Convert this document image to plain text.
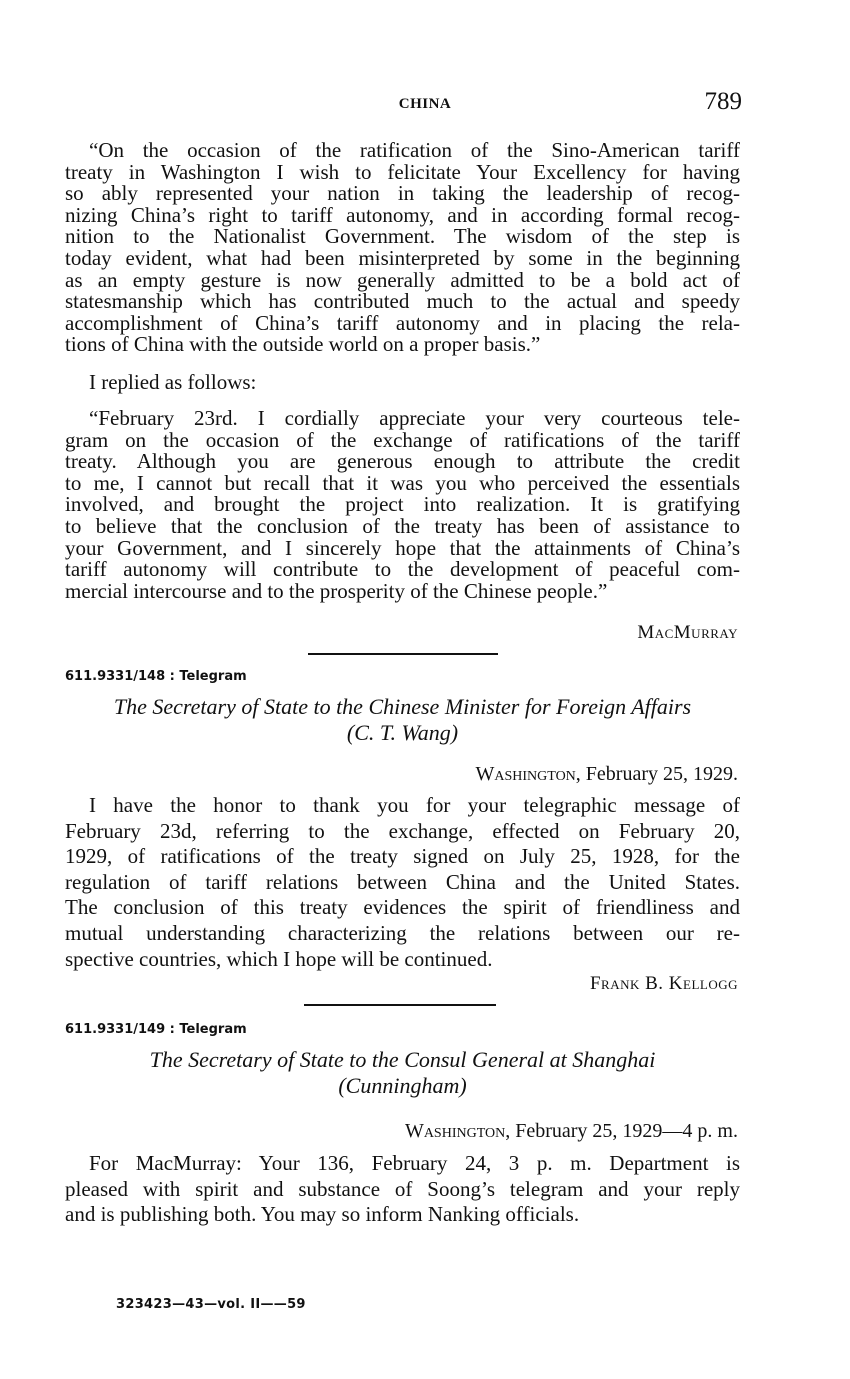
CHINA	789
“On the occasion of the ratification of the Sino-American tariff
treaty in Washington I wish to felicitate Your Excellency for having
so ably represented your nation in taking the leadership of recog-
nizing China’s right to tariff autonomy, and in according formal recog-
nition to the Nationalist Government. The wisdom of the step is
today evident, what had been misinterpreted by some in the beginning
as an empty gesture is now generally admitted to be a bold act of
statesmanship which has contributed much to the actual and speedy
accomplishment of China’s tariff autonomy and in placing the rela-
tions of China with the outside world on a proper basis.”
I replied as follows:
“February 23rd. I cordially appreciate your very courteous tele-
gram on the occasion of the exchange of ratifications of the tariff
treaty. Although you are generous enough to attribute the credit
to me, I cannot but recall that it was you who perceived the essentials
involved, and brought the project into realization. It is gratifying
to believe that the conclusion of the treaty has been of assistance to
your Government, and I sincerely hope that the attainments of China’s
tariff autonomy will contribute to the development of peaceful com-
mercial intercourse and to the prosperity of the Chinese people.”
MacMurray
611.9331/148 : Telegram
The Secretary of State to the Chinese Minister for Foreign Affairs
(C. T. Wang)
Washington, February 25, 1929.
I have the honor to thank you for your telegraphic message of
February 23d, referring to the exchange, effected on February 20,
1929, of ratifications of the treaty signed on July 25, 1928, for the
regulation of tariff relations between China and the United States.
The conclusion of this treaty evidences the spirit of friendliness and
mutual understanding characterizing the relations between our re-
spective countries, which I hope will be continued.
Frank B. Kellogg
611.9331/149 : Telegram
The Secretary of State to the Consul General at Shanghai
(Cunningham)
Washington, February 25, 1929—4 p. m.
For MacMurray: Your 136, February 24, 3 p. m. Department is
pleased with spirit and substance of Soong’s telegram and your reply
and is publishing both. You may so inform Nanking officials.
323423—43—vol. II——59
